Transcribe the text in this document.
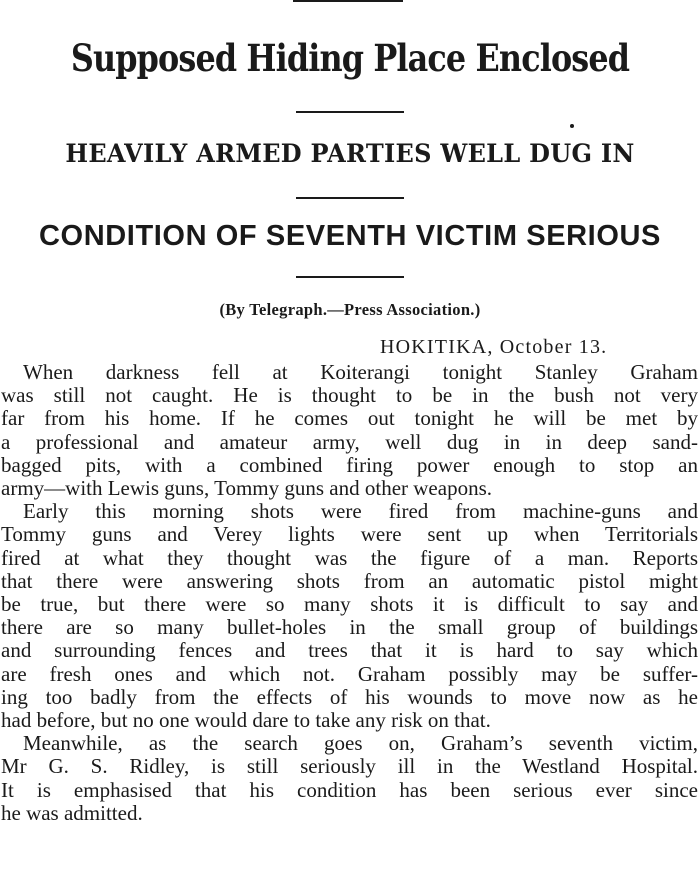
Supposed Hiding Place Enclosed
HEAVILY ARMED PARTIES WELL DUG IN
CONDITION OF SEVENTH VICTIM SERIOUS
(By Telegraph.—Press Association.)
HOKITIKA, October 13.
When darkness fell at Koiterangi tonight Stanley Graham
was still not caught. He is thought to be in the bush not very
far from his home. If he comes out tonight he will be met by
a professional and amateur army, well dug in in deep sand-
bagged pits, with a combined firing power enough to stop an
army—with Lewis guns, Tommy guns and other weapons.
Early this morning shots were fired from machine-guns and
Tommy guns and Verey lights were sent up when Territorials
fired at what they thought was the figure of a man. Reports
that there were answering shots from an automatic pistol might
be true, but there were so many shots it is difficult to say and
there are so many bullet-holes in the small group of buildings
and surrounding fences and trees that it is hard to say which
are fresh ones and which not. Graham possibly may be suffer-
ing too badly from the effects of his wounds to move now as he
had before, but no one would dare to take any risk on that.
Meanwhile, as the search goes on, Graham’s seventh victim,
Mr G. S. Ridley, is still seriously ill in the Westland Hospital.
It is emphasised that his condition has been serious ever since
he was admitted.
